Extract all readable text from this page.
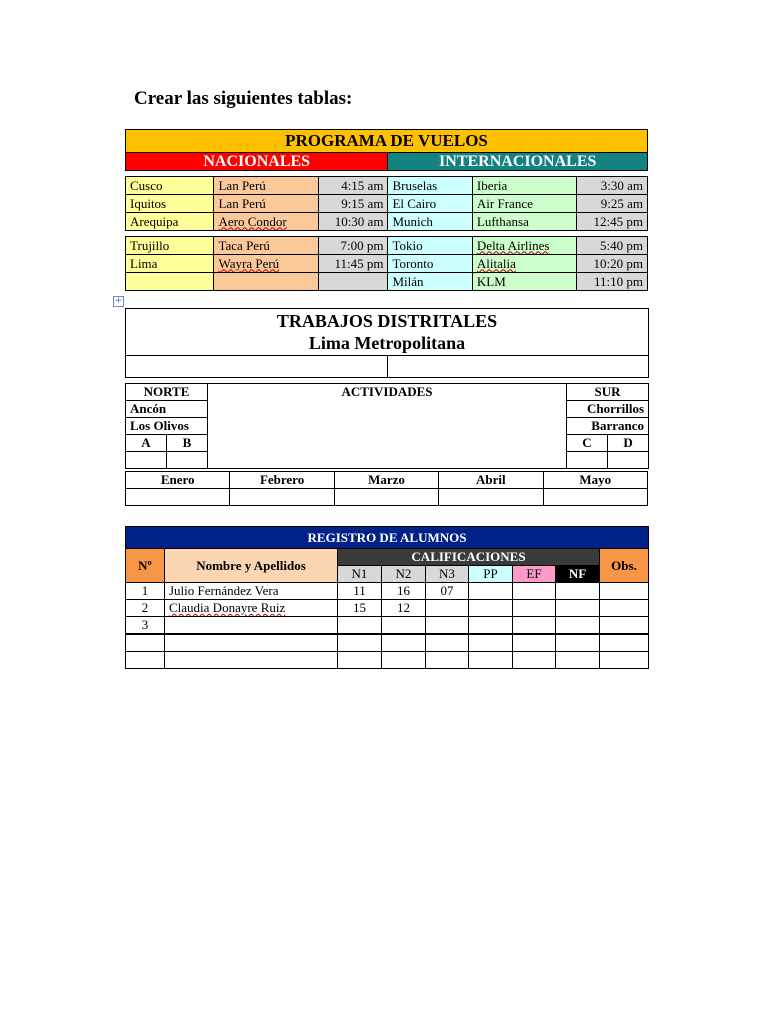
Crear las siguientes tablas:
PROGRAMA DE VUELOS					
NACIONALES			INTERNACIONALES		

Cusco	Lan Perú	4:15 am	Bruselas	Iberia	3:30 am
Iquitos	Lan Perú	9:15 am	El Cairo	Air France	9:25 am
Arequipa	Aero Condor	10:30 am	Munich	Lufthansa	12:45 pm

Trujillo	Taca Perú	7:00 pm	Tokio	Delta Airlines	5:40 pm
Lima	Wayra Perú	11:45 pm	Toronto	Alitalia	10:20 pm
			Milán	KLM	11:10 pm
+
TRABAJOS DISTRITALES
Lima Metropolitana

NORTE		ACTIVIDADES	SUR	
Ancón			Chorrillos	
Los Olivos			Barranco	
A	B		C	D

Enero	Febrero	Marzo	Abril	Mayo

REGISTRO DE ALUMNOS								
Nº	Nombre y Apellidos	CALIFICACIONES						Obs.
		N1	N2	N3	PP	EF	NF	
1	Julio Fernández Vera	11	16	07				
2	Claudia Donayre Ruiz	15	12					
3								
